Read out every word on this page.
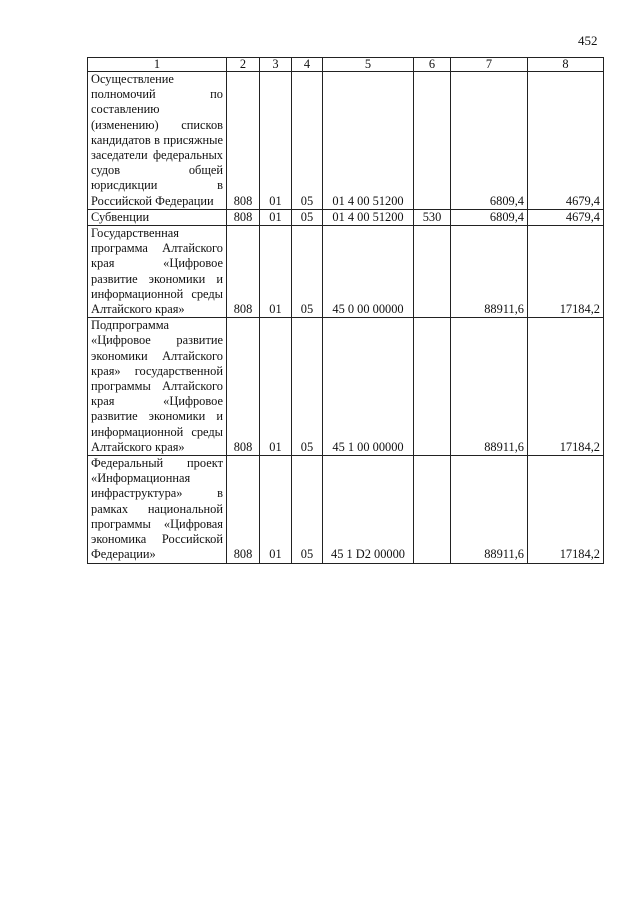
452
1	2	3	4	5	6	7	8

Осуществление полномочий по составлению (изменению) списков кандидатов в присяжные заседатели федеральных судов общей юрисдикции в Российской Федерации	808	01	05	01 4 00 51200		6809,4	4679,4

Субвенции	808	01	05	01 4 00 51200	530	6809,4	4679,4

Государственная программа Алтайского края «Цифровое развитие экономики и информационной среды Алтайского края»	808	01	05	45 0 00 00000		88911,6	17184,2

Подпрограмма «Цифровое развитие экономики Алтайского края» государственной программы Алтайского края «Цифровое развитие экономики и информационной среды Алтайского края»	808	01	05	45 1 00 00000		88911,6	17184,2

Федеральный проект «Информационная инфраструктура» в рамках национальной программы «Цифровая экономика Российской Федерации»	808	01	05	45 1 D2 00000		88911,6	17184,2
